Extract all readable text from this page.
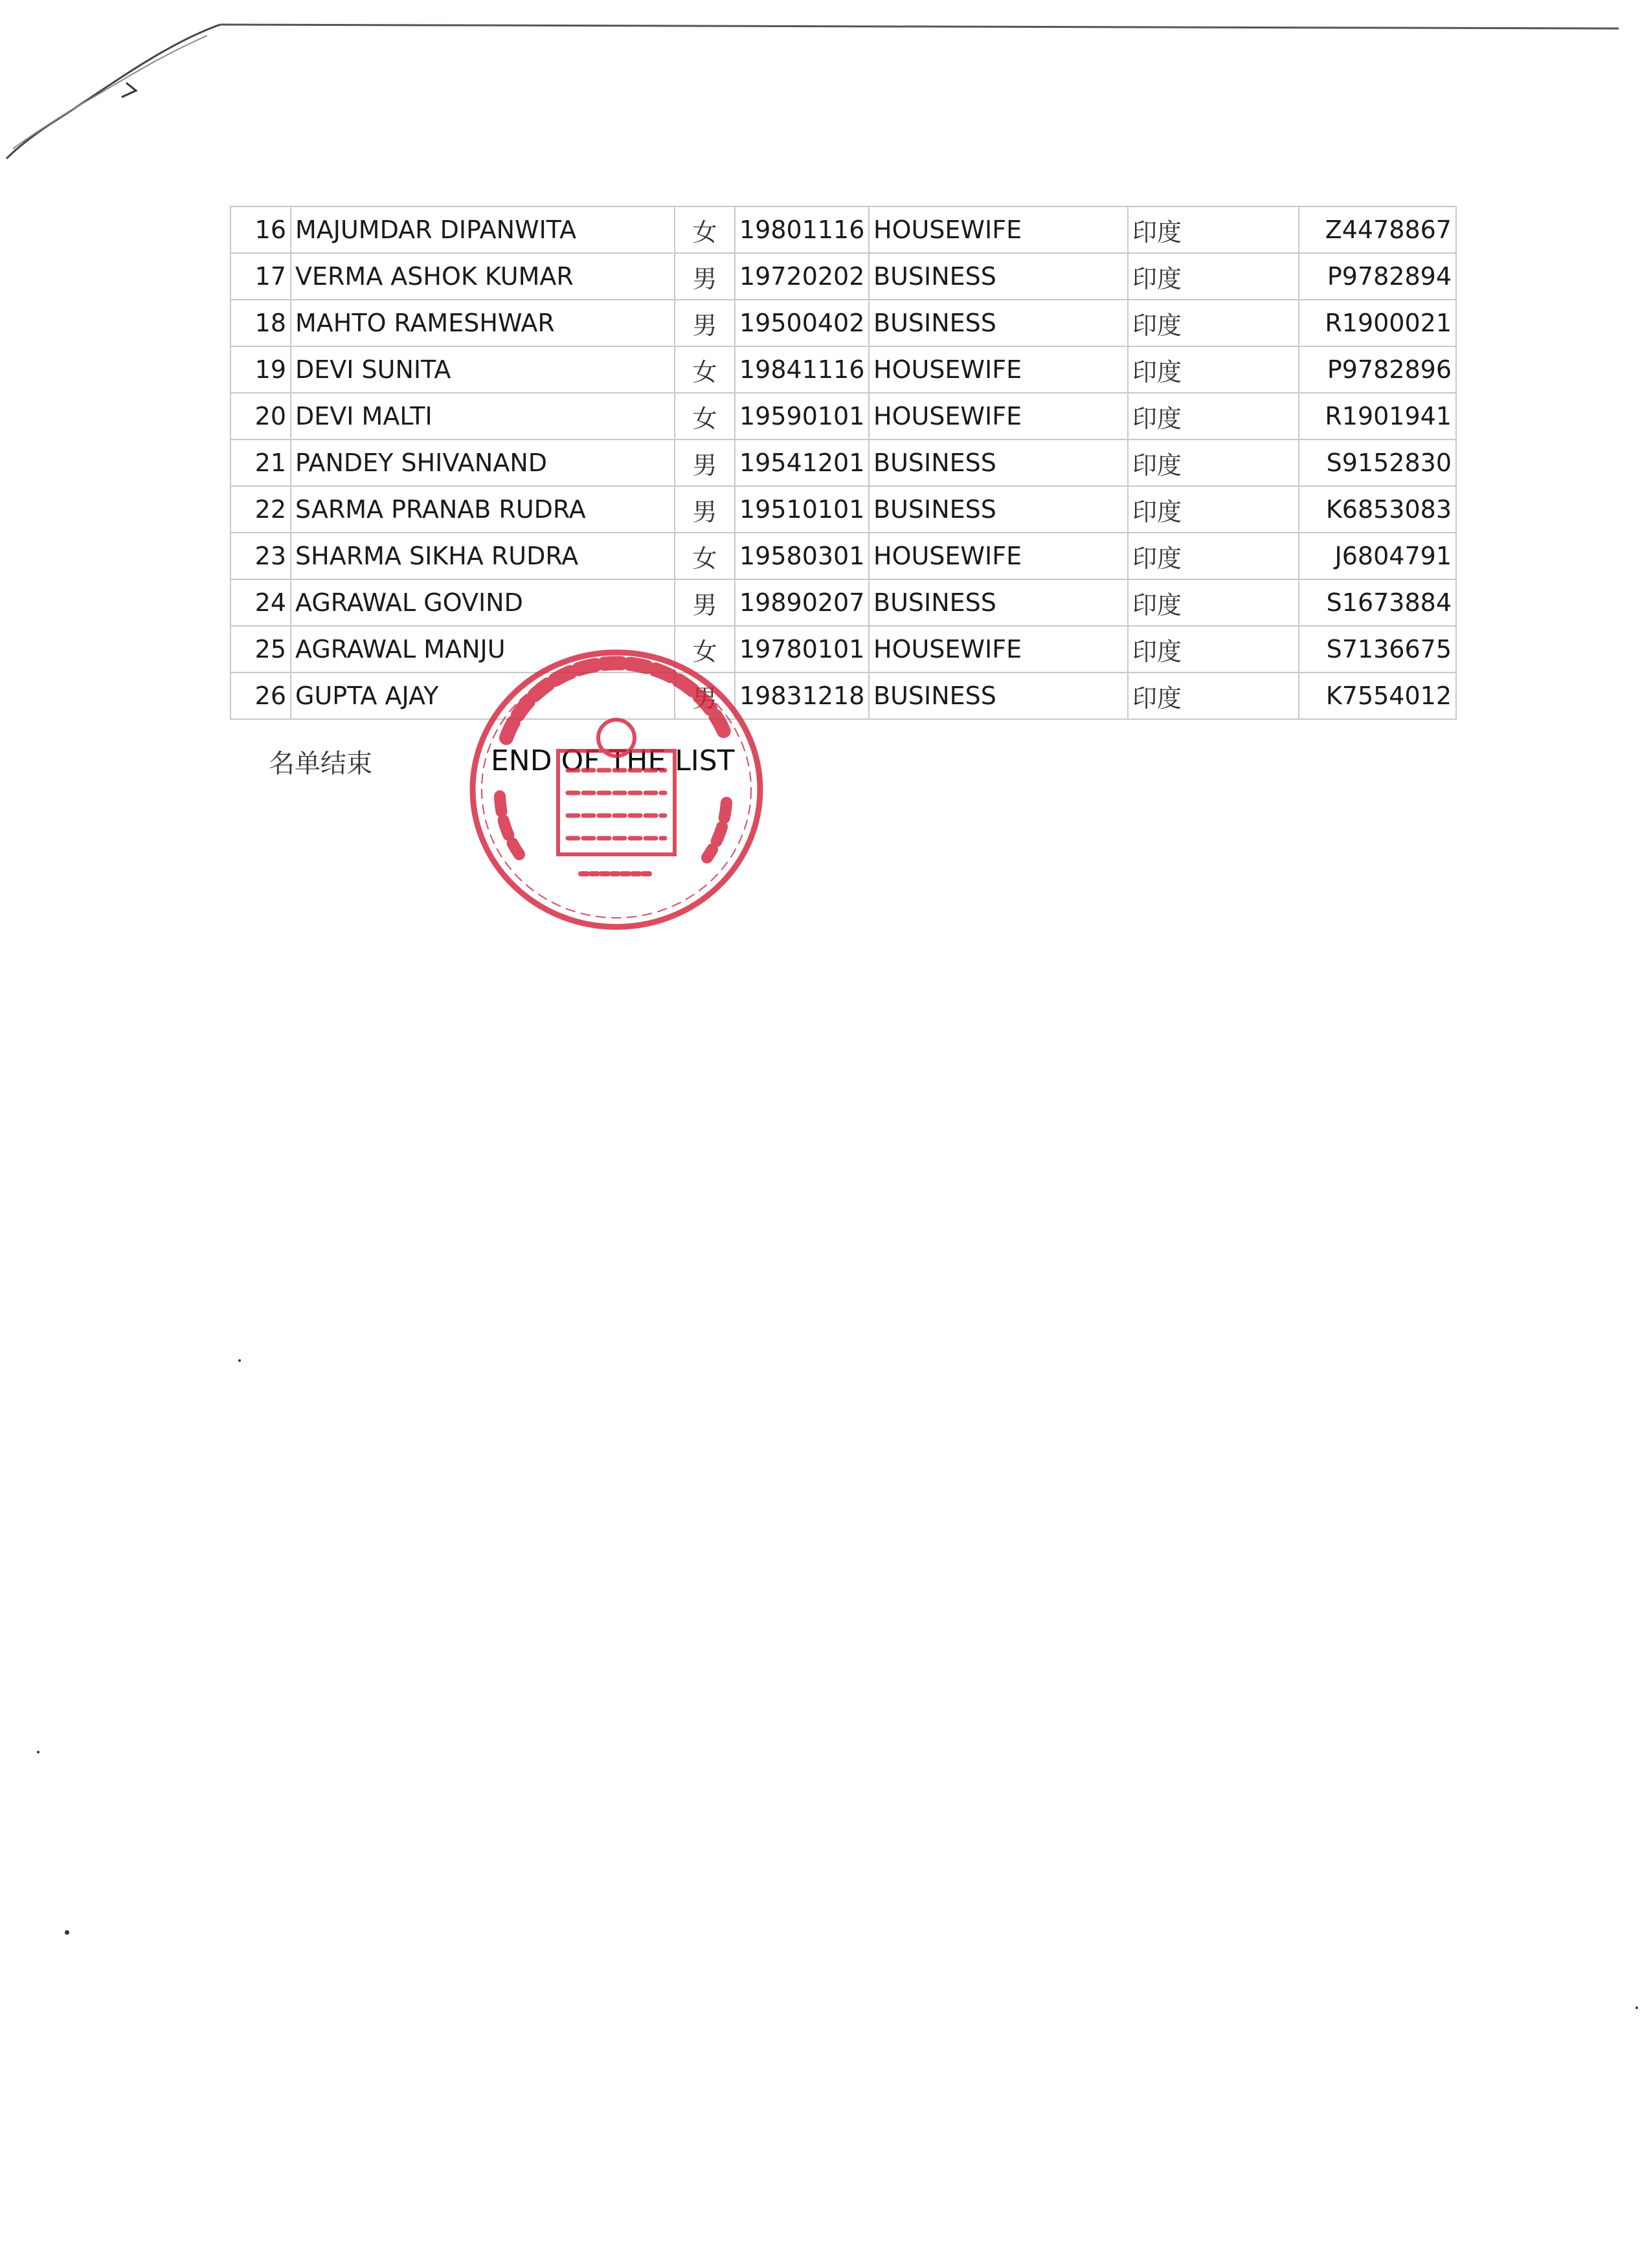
16	MAJUMDAR DIPANWITA	女	19801116	HOUSEWIFE	印度	Z4478867
17	VERMA ASHOK KUMAR	男	19720202	BUSINESS	印度	P9782894
18	MAHTO RAMESHWAR	男	19500402	BUSINESS	印度	R1900021
19	DEVI SUNITA	女	19841116	HOUSEWIFE	印度	P9782896
20	DEVI MALTI	女	19590101	HOUSEWIFE	印度	R1901941
21	PANDEY SHIVANAND	男	19541201	BUSINESS	印度	S9152830
22	SARMA PRANAB RUDRA	男	19510101	BUSINESS	印度	K6853083
23	SHARMA SIKHA RUDRA	女	19580301	HOUSEWIFE	印度	J6804791
24	AGRAWAL GOVIND	男	19890207	BUSINESS	印度	S1673884
25	AGRAWAL MANJU	女	19780101	HOUSEWIFE	印度	S7136675
26	GUPTA AJAY	男	19831218	BUSINESS	印度	K7554012
名单结束	END OF THE LIST
